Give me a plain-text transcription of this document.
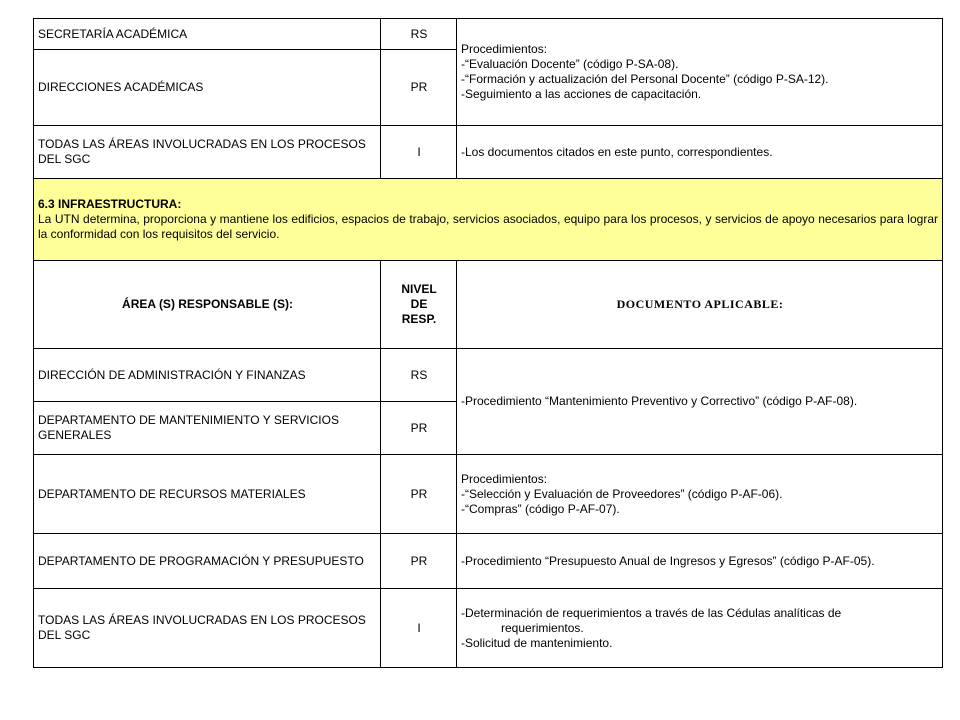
SECRETARÍA ACADÉMICA	RS	Procedimientos:
-“Evaluación Docente” (código P-SA-08).
-“Formación y actualización del Personal Docente” (código P-SA-12).
-Seguimiento a las acciones de capacitación.

DIRECCIONES ACADÉMICAS	PR	
TODAS LAS ÁREAS INVOLUCRADAS EN LOS PROCESOS DEL SGC	I	-Los documentos citados en este punto, correspondientes.

6.3 INFRAESTRUCTURA:
La UTN determina, proporciona y mantiene los edificios, espacios de trabajo, servicios asociados, equipo para los procesos, y servicios de apoyo necesarios para lograr la conformidad con los requisitos del servicio.		
ÁREA (S) RESPONSABLE (S):	NIVEL
DE
RESP.	DOCUMENTO APLICABLE:
DIRECCIÓN DE ADMINISTRACIÓN Y FINANZAS	RS	-Procedimiento “Mantenimiento Preventivo y Correctivo” (código P-AF-08).
DEPARTAMENTO DE MANTENIMIENTO Y SERVICIOS GENERALES	PR	
DEPARTAMENTO DE RECURSOS MATERIALES	PR	Procedimientos:
-“Selección y Evaluación de Proveedores” (código P-AF-06).
-“Compras” (código P-AF-07).

DEPARTAMENTO DE PROGRAMACIÓN Y PRESUPUESTO	PR	-Procedimiento “Presupuesto Anual de Ingresos y Egresos” (código P-AF-05).
TODAS LAS ÁREAS INVOLUCRADAS EN LOS PROCESOS DEL SGC	I	-Determinación de requerimientos a través de las Cédulas analíticas de
requerimientos.
-Solicitud de mantenimiento.
